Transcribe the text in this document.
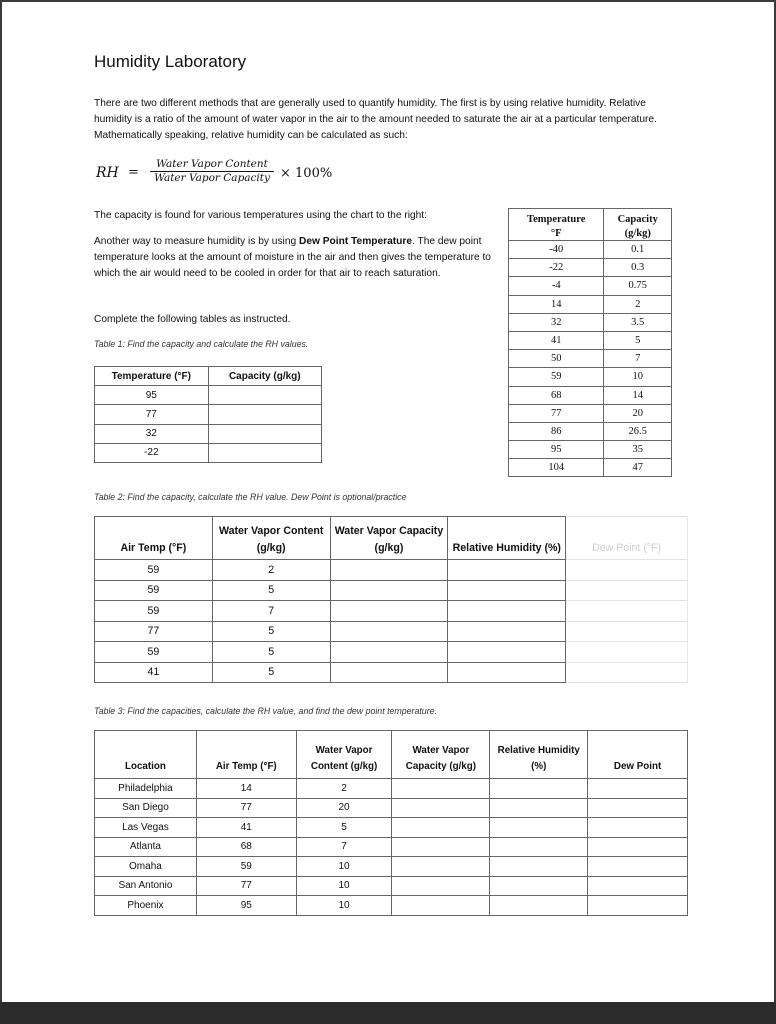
Humidity Laboratory
There are two different methods that are generally used to quantify humidity. The first is by using relative humidity. Relative humidity is a ratio of the amount of water vapor in the air to the amount needed to saturate the air at a particular temperature. Mathematically speaking, relative humidity can be calculated as such:
RH =
Water Vapor Content
Water Vapor Capacity × 100%
The capacity is found for various temperatures using the chart to the right:
Another way to measure humidity is by using Dew Point Temperature. The dew point temperature looks at the amount of moisture in the air and then gives the temperature to which the air would need to be cooled in order for that air to reach saturation.
Complete the following tables as instructed.
Table 1: Find the capacity and calculate the RH values.
Temperature	Capacity
°F	(g/kg)
-40	0.1
-22	0.3
-4	0.75
14	2
32	3.5
41	5
50	7
59	10
68	14
77	20
86	26.5
95	35
104	47
Temperature (°F)	Capacity (g/kg)
95	
77	
32	
-22	
Table 2: Find the capacity, calculate the RH value. Dew Point is optional/practice
Air Temp (°F)	Water Vapor Content (g/kg)	Water Vapor Capacity (g/kg)	Relative Humidity (%)	Dew Point (°F)
59	2			
59	5			
59	7			
77	5			
59	5			
41	5			
Table 3: Find the capacities, calculate the RH value, and find the dew point temperature.
Location	Air Temp (°F)	Water Vapor Content (g/kg)	Water Vapor Capacity (g/kg)	Relative Humidity (%)	Dew Point
Philadelphia	14	2			
San Diego	77	20			
Las Vegas	41	5			
Atlanta	68	7			
Omaha	59	10			
San Antonio	77	10			
Phoenix	95	10			
